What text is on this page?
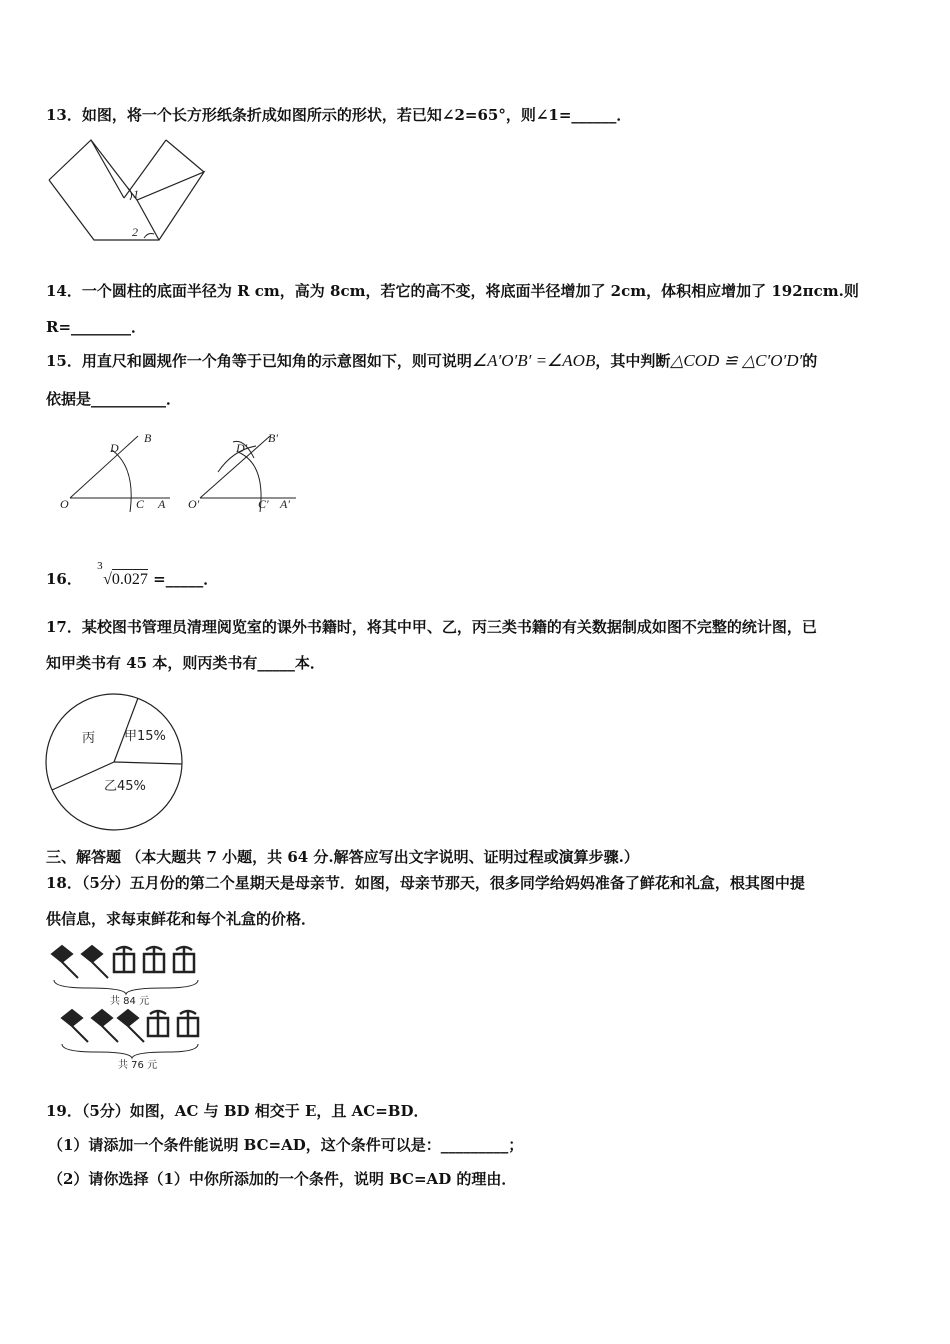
13．如图，将一个长方形纸条折成如图所示的形状，若已知∠2=65°，则∠1=______．
1
2
14．一个圆柱的底面半径为 R cm，高为 8cm，若它的高不变，将底面半径增加了 2cm，体积相应增加了 192πcm.则
R=________．
15．用直尺和圆规作一个角等于已知角的示意图如下，则可说明∠A′O′B′ =∠AOB，其中判断△COD ≌ △C′O′D′的
依据是__________．
D
B
O	C A
D′
B′
O′	C′ A′
16．
3
√0.027 =_____．
17．某校图书管理员清理阅览室的课外书籍时，将其中甲、乙，丙三类书籍的有关数据制成如图不完整的统计图，已
知甲类书有 45 本，则丙类书有_____本．
丙 甲15%
乙45%
三、解答题 （本大题共 7 小题，共 64 分.解答应写出文字说明、证明过程或演算步骤.）
18．（5分）五月份的第二个星期天是母亲节．如图，母亲节那天，很多同学给妈妈准备了鲜花和礼盒，根其图中提
供信息，求每束鲜花和每个礼盒的价格．
共 84 元
共 76 元
19．（5分）如图，AC 与 BD 相交于 E，且 AC=BD．
（1）请添加一个条件能说明 BC=AD，这个条件可以是：_________；
（2）请你选择（1）中你所添加的一个条件，说明 BC=AD 的理由．
